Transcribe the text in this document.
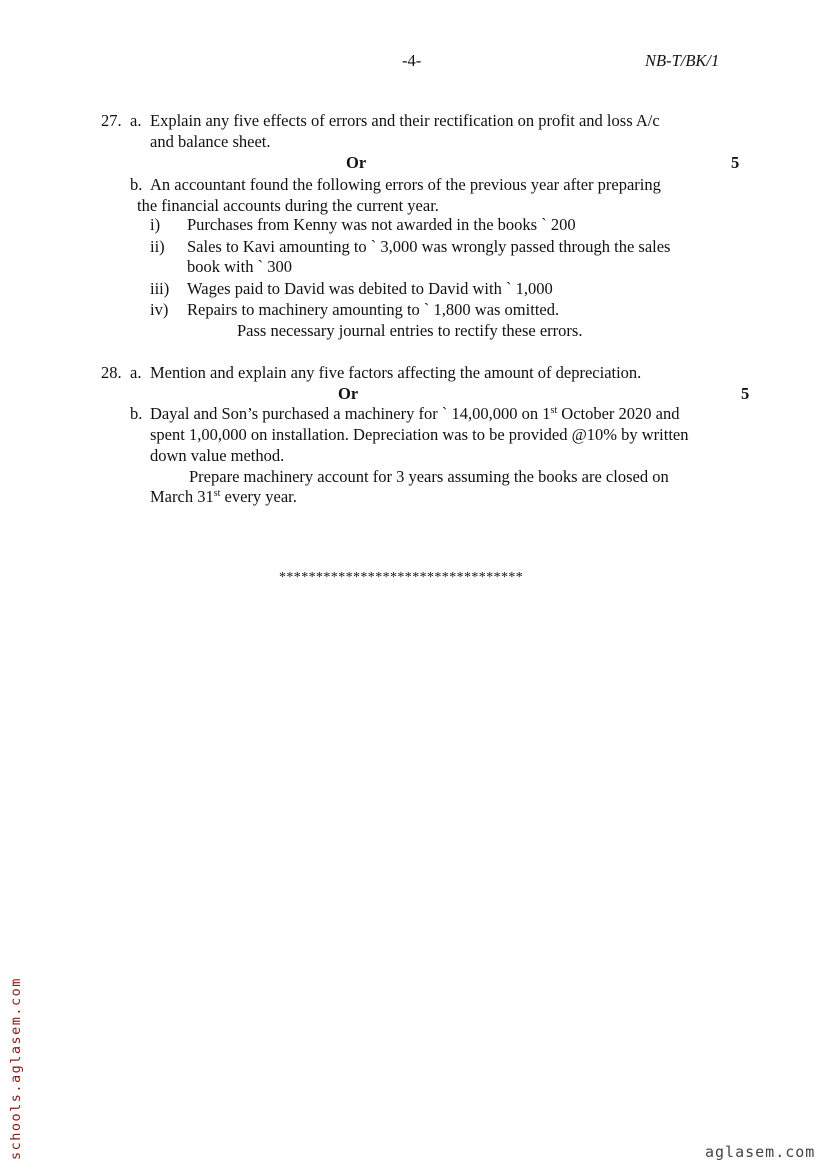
-4-	NB-T/BK/1
27. a. Explain any five effects of errors and their rectification on profit and loss A/c
and balance sheet.
Or	5
b. An accountant found the following errors of the previous year after preparing
the financial accounts during the current year.
i) Purchases from Kenny was not awarded in the books ` 200
ii) Sales to Kavi amounting to ` 3,000 was wrongly passed through the sales
book with ` 300
iii) Wages paid to David was debited to David with ` 1,000
iv) Repairs to machinery amounting to ` 1,800 was omitted.
Pass necessary journal entries to rectify these errors.
28. a. Mention and explain any five factors affecting the amount of depreciation.
Or	5
b. Dayal and Son’s purchased a machinery for ` 14,00,000 on 1st October 2020 and
spent 1,00,000 on installation. Depreciation was to be provided @10% by written
down value method.
Prepare machinery account for 3 years assuming the books are closed on
March 31st every year.
*********************************
schools.aglasem.com	aglasem.com
